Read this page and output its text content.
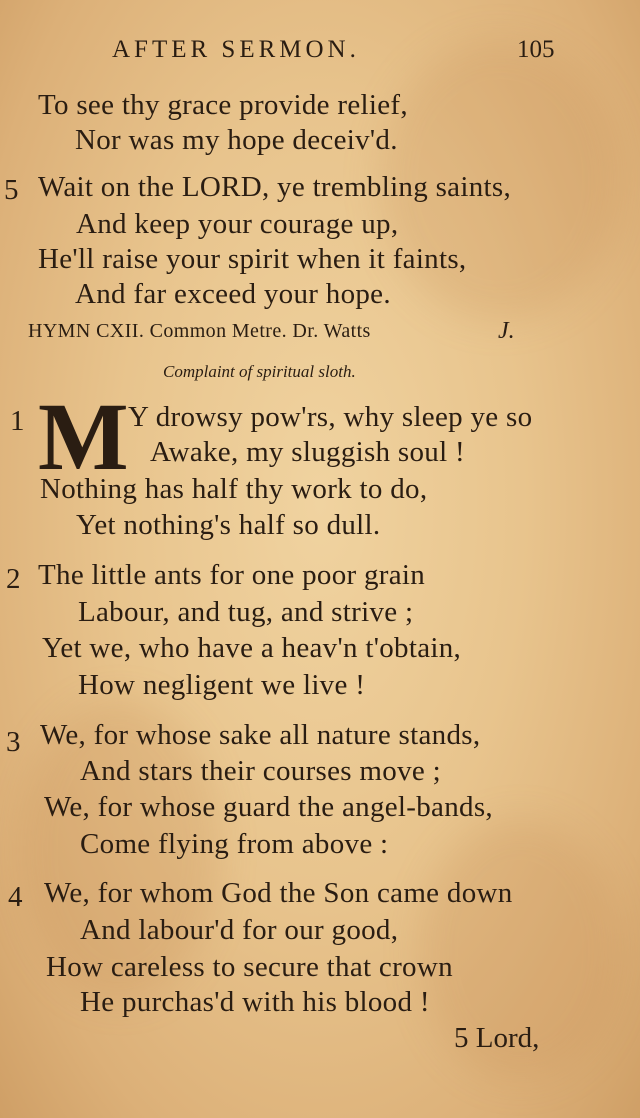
AFTER SERMON.	105
To see thy grace provide relief,
Nor was my hope deceiv'd.
5 Wait on the LORD, ye trembling saints,
And keep your courage up,
He'll raise your spirit when it faints,
And far exceed your hope.
HYMN CXII. Common Metre. Dr. Watts	J.
Complaint of spiritual sloth.
1 M Y drowsy pow'rs, why sleep ye so
Awake, my sluggish soul !
Nothing has half thy work to do,
Yet nothing's half so dull.
2 The little ants for one poor grain
Labour, and tug, and strive ;
Yet we, who have a heav'n t'obtain,
How negligent we live !
3 We, for whose sake all nature stands,
And stars their courses move ;
We, for whose guard the angel-bands,
Come flying from above :
4 We, for whom God the Son came down
And labour'd for our good,
How careless to secure that crown
He purchas'd with his blood !
5 Lord,
